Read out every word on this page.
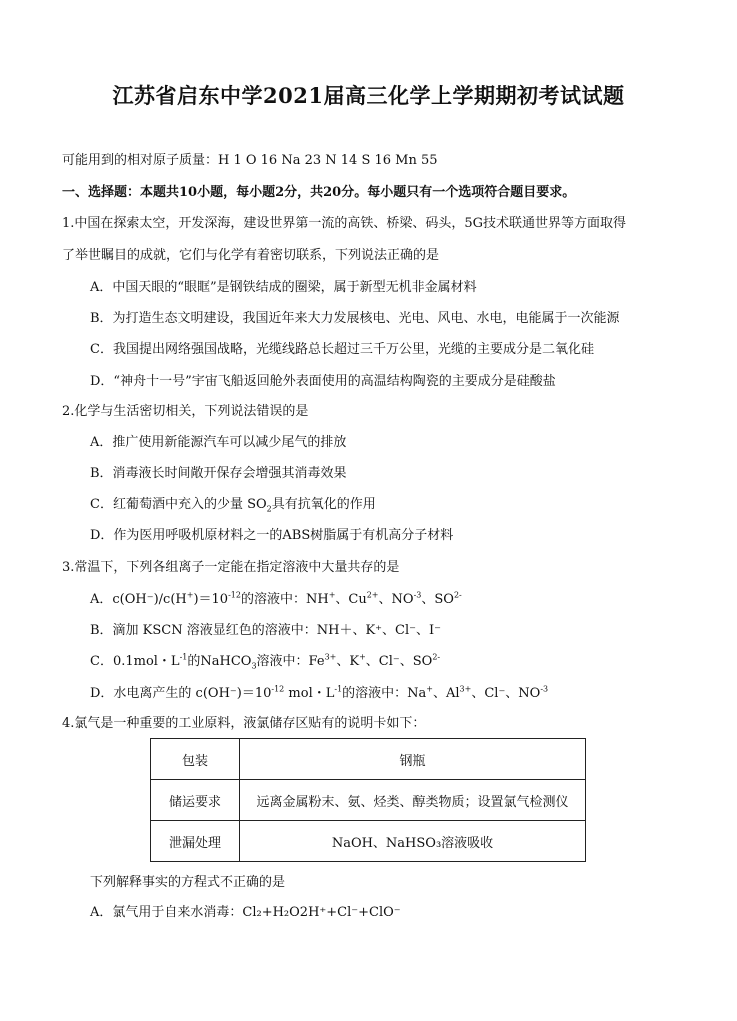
江苏省启东中学2021届高三化学上学期期初考试试题
可能用到的相对原子质量：H 1 O 16 Na 23 N 14 S 16 Mn 55
一、选择题：本题共10小题，每小题2分，共20分。每小题只有一个选项符合题目要求。
1.中国在探索太空，开发深海，建设世界第一流的高铁、桥梁、码头，5G技术联通世界等方面取得
了举世瞩目的成就，它们与化学有着密切联系，下列说法正确的是
A．中国天眼的“眼眶”是钢铁结成的圈梁，属于新型无机非金属材料
B．为打造生态文明建设，我国近年来大力发展核电、光电、风电、水电，电能属于一次能源
C．我国提出网络强国战略，光缆线路总长超过三千万公里，光缆的主要成分是二氧化硅
D．“神舟十一号”宇宙飞船返回舱外表面使用的高温结构陶瓷的主要成分是硅酸盐
2.化学与生活密切相关，下列说法错误的是
A．推广使用新能源汽车可以减少尾气的排放
B．消毒液长时间敞开保存会增强其消毒效果
C．红葡萄酒中充入的少量 $SO_2$具有抗氧化的作用
D．作为医用呼吸机原材料之一的ABS树脂属于有机高分子材料
3.常温下，下列各组离子一定能在指定溶液中大量共存的是
A．$c(OH^-)/c(H^+)=10^{-12}$的溶液中：NH+、$Cu^{2+}$、$NO^{-3}$、$SO^{2-}$
B．滴加 KSCN 溶液显红色的溶液中：NH＋、K⁺、Cl⁻、I⁻
C．0.1mol・$L^{-1}$的NaHCO$_3$溶液中：$Fe^{3+}$、K+、Cl⁻、$SO^{2-}$
D．水电离产生的 $c(OH^-)=10^{-12}$ mol・$L^{-1}$的溶液中：Na+、$Al^{3+}$、Cl⁻、$NO^{-3}$
4.氯气是一种重要的工业原料，液氯储存区贴有的说明卡如下：
包装	钢瓶
储运要求	远离金属粉末、氨、烃类、醇类物质；设置氯气检测仪
泄漏处理	NaOH、NaHSO₃溶液吸收
下列解释事实的方程式不正确的是
A．氯气用于自来水消毒：Cl₂+H₂O2H⁺+Cl⁻+ClO⁻
